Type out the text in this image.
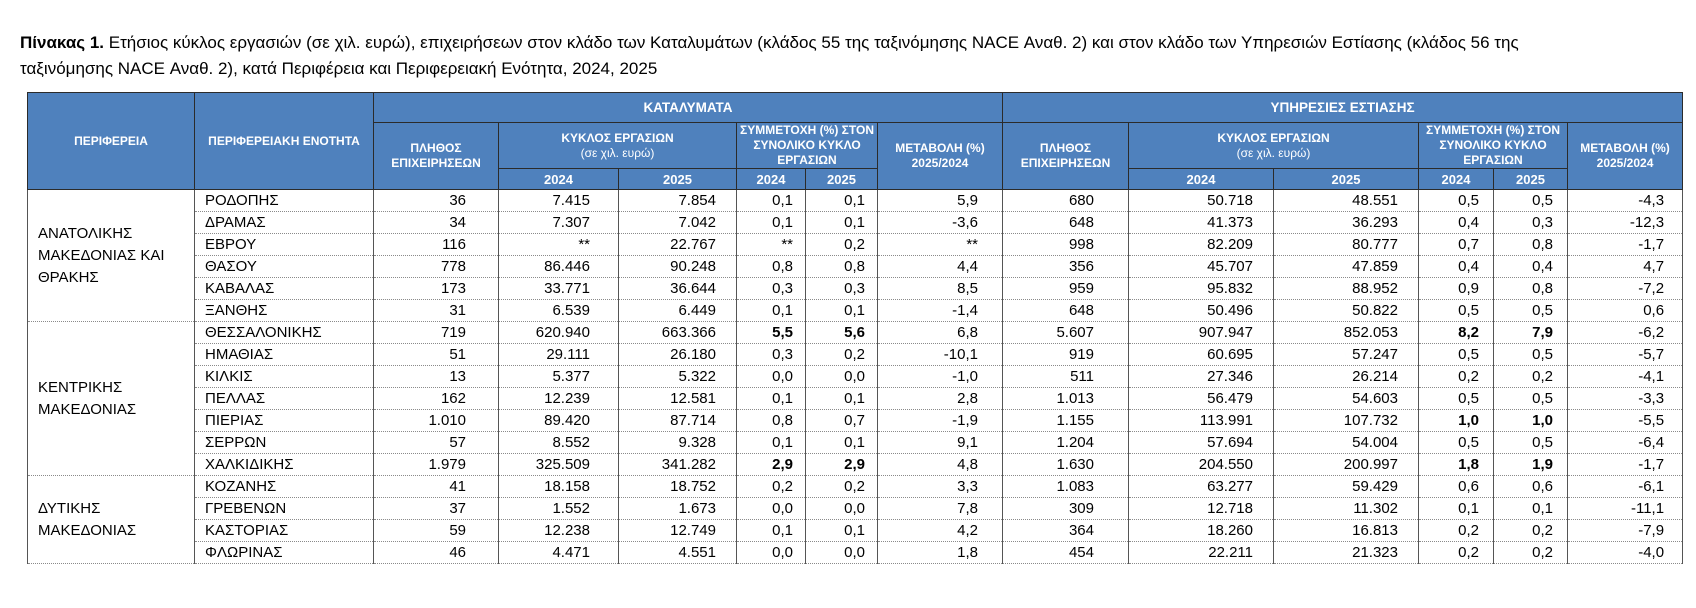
Πίνακας 1. Ετήσιος κύκλος εργασιών (σε χιλ. ευρώ), επιχειρήσεων στον κλάδο των Καταλυμάτων (κλάδος 55 της ταξινόμησης NACE Αναθ. 2) και στον κλάδο των Υπηρεσιών Εστίασης (κλάδος 56 της
ταξινόμησης NACE Αναθ. 2), κατά Περιφέρεια και Περιφερειακή Ενότητα, 2024, 2025
ΠΕΡΙΦΕΡΕΙΑ	ΠΕΡΙΦΕΡΕΙΑΚΗ ΕΝΟΤΗΤΑ	ΚΑΤΑΛΥΜΑΤΑ						ΥΠΗΡΕΣΙΕΣ ΕΣΤΙΑΣΗΣ					
		ΠΛΗΘΟΣ ΕΠΙΧΕΙΡΗΣΕΩΝ	ΚΥΚΛΟΣ ΕΡΓΑΣΙΩΝ
(σε χιλ. ευρώ)		ΣΥΜΜΕΤΟΧΗ (%) ΣΤΟΝ ΣΥΝΟΛΙΚΟ ΚΥΚΛΟ ΕΡΓΑΣΙΩΝ		ΜΕΤΑΒΟΛΗ (%)
2025/2024	ΠΛΗΘΟΣ ΕΠΙΧΕΙΡΗΣΕΩΝ	ΚΥΚΛΟΣ ΕΡΓΑΣΙΩΝ
(σε χιλ. ευρώ)		ΣΥΜΜΕΤΟΧΗ (%) ΣΤΟΝ ΣΥΝΟΛΙΚΟ ΚΥΚΛΟ ΕΡΓΑΣΙΩΝ		ΜΕΤΑΒΟΛΗ (%)
2025/2024
			2024	2025	2024	2025			2024	2025	2024	2025	
ΑΝΑΤΟΛΙΚΗΣ ΜΑΚΕΔΟΝΙΑΣ ΚΑΙ ΘΡΑΚΗΣ	ΡΟΔΟΠΗΣ	36	7.415	7.854	0,1	0,1	5,9	680	50.718	48.551	0,5	0,5	-4,3
	ΔΡΑΜΑΣ	34	7.307	7.042	0,1	0,1	-3,6	648	41.373	36.293	0,4	0,3	-12,3
	ΕΒΡΟΥ	116	**	22.767	**	0,2	**	998	82.209	80.777	0,7	0,8	-1,7
	ΘΑΣΟΥ	778	86.446	90.248	0,8	0,8	4,4	356	45.707	47.859	0,4	0,4	4,7
	ΚΑΒΑΛΑΣ	173	33.771	36.644	0,3	0,3	8,5	959	95.832	88.952	0,9	0,8	-7,2
	ΞΑΝΘΗΣ	31	6.539	6.449	0,1	0,1	-1,4	648	50.496	50.822	0,5	0,5	0,6
ΚΕΝΤΡΙΚΗΣ ΜΑΚΕΔΟΝΙΑΣ	ΘΕΣΣΑΛΟΝΙΚΗΣ	719	620.940	663.366	5,5	5,6	6,8	5.607	907.947	852.053	8,2	7,9	-6,2
	ΗΜΑΘΙΑΣ	51	29.111	26.180	0,3	0,2	-10,1	919	60.695	57.247	0,5	0,5	-5,7
	ΚΙΛΚΙΣ	13	5.377	5.322	0,0	0,0	-1,0	511	27.346	26.214	0,2	0,2	-4,1
	ΠΕΛΛΑΣ	162	12.239	12.581	0,1	0,1	2,8	1.013	56.479	54.603	0,5	0,5	-3,3
	ΠΙΕΡΙΑΣ	1.010	89.420	87.714	0,8	0,7	-1,9	1.155	113.991	107.732	1,0	1,0	-5,5
	ΣΕΡΡΩΝ	57	8.552	9.328	0,1	0,1	9,1	1.204	57.694	54.004	0,5	0,5	-6,4
	ΧΑΛΚΙΔΙΚΗΣ	1.979	325.509	341.282	2,9	2,9	4,8	1.630	204.550	200.997	1,8	1,9	-1,7
ΔΥΤΙΚΗΣ ΜΑΚΕΔΟΝΙΑΣ	ΚΟΖΑΝΗΣ	41	18.158	18.752	0,2	0,2	3,3	1.083	63.277	59.429	0,6	0,6	-6,1
	ΓΡΕΒΕΝΩΝ	37	1.552	1.673	0,0	0,0	7,8	309	12.718	11.302	0,1	0,1	-11,1
	ΚΑΣΤΟΡΙΑΣ	59	12.238	12.749	0,1	0,1	4,2	364	18.260	16.813	0,2	0,2	-7,9
	ΦΛΩΡΙΝΑΣ	46	4.471	4.551	0,0	0,0	1,8	454	22.211	21.323	0,2	0,2	-4,0
